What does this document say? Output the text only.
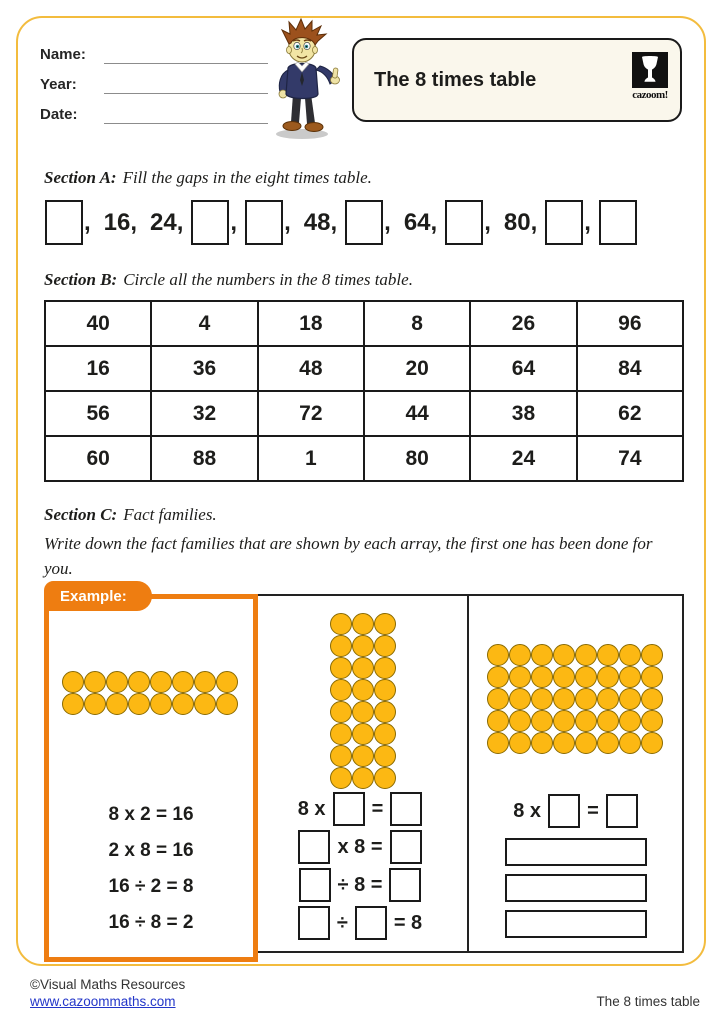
Name:
Year:
Date:
The 8 times table
cazoom!
Section A: Fill the gaps in the eight times table.
, 16 , 24 , , , 48 , , 64 , , 80 , ,
Section B: Circle all the numbers in the 8 times table.
40	4	18	8	26	96
16	36	48	20	64	84
56	32	72	44	38	62
60	88	1	80	24	74
Section C: Fact families.
Write down the fact families that are shown by each array, the first one has been done for you.
Example:
8 x =
x 8 =
÷ 8 =
÷ = 8
8 x =
8 x 2 = 16
2 x 8 = 16
16 ÷ 2 = 8
16 ÷ 8 = 2
©Visual Maths Resources
www.cazoommaths.com	The 8 times table
